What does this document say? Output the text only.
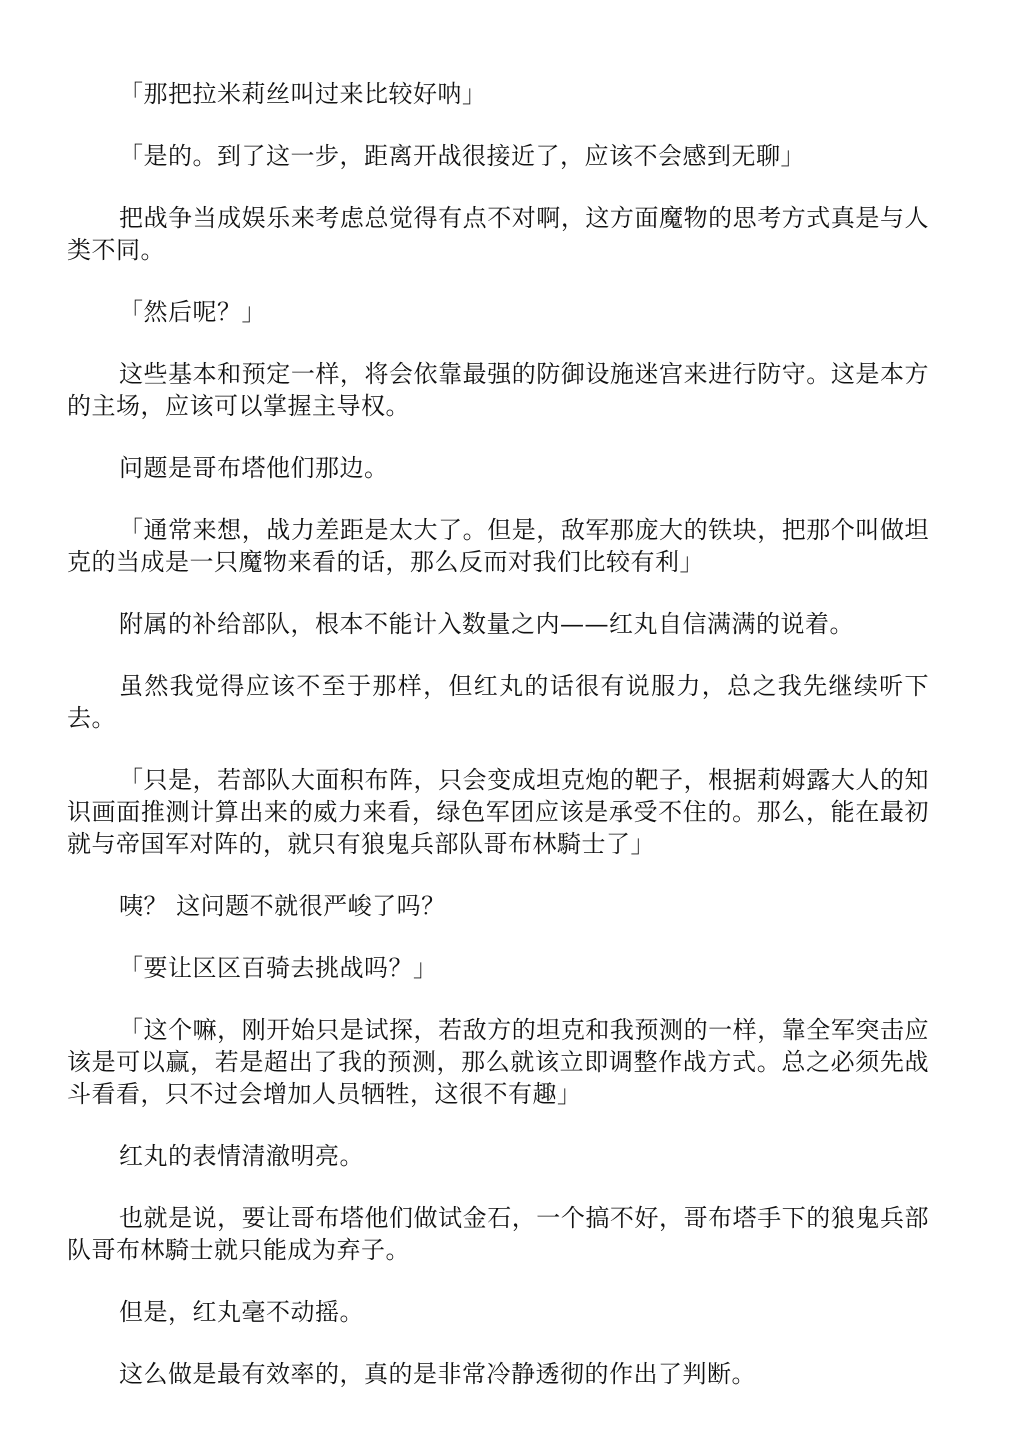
「那把拉米莉丝叫过来比较好呐」

「是的。到了这一步，距离开战很接近了，应该不会感到无聊」

把战争当成娱乐来考虑总觉得有点不对啊，这方面魔物的思考方式真是与人类不同。

「然后呢？」

这些基本和预定一样，将会依靠最强的防御设施迷宫来进行防守。这是本方的主场，应该可以掌握主导权。

问题是哥布塔他们那边。

「通常来想，战力差距是太大了。但是，敌军那庞大的铁块，把那个叫做坦克的当成是一只魔物来看的话，那么反而对我们比较有利」

附属的补给部队，根本不能计入数量之内——红丸自信满满的说着。

虽然我觉得应该不至于那样，但红丸的话很有说服力，总之我先继续听下去。

「只是，若部队大面积布阵，只会变成坦克炮的靶子，根据莉姆露大人的知识画面推测计算出来的威力来看，绿色军团应该是承受不住的。那么，能在最初就与帝国军对阵的，就只有狼鬼兵部队哥布林騎士了」

咦？ 这问题不就很严峻了吗？

「要让区区百骑去挑战吗？」

「这个嘛，刚开始只是试探，若敌方的坦克和我预测的一样，靠全军突击应该是可以赢，若是超出了我的预测，那么就该立即调整作战方式。总之必须先战斗看看，只不过会增加人员牺牲，这很不有趣」

红丸的表情清澈明亮。

也就是说，要让哥布塔他们做试金石，一个搞不好，哥布塔手下的狼鬼兵部队哥布林騎士就只能成为弃子。

但是，红丸毫不动摇。

这么做是最有效率的，真的是非常冷静透彻的作出了判断。
